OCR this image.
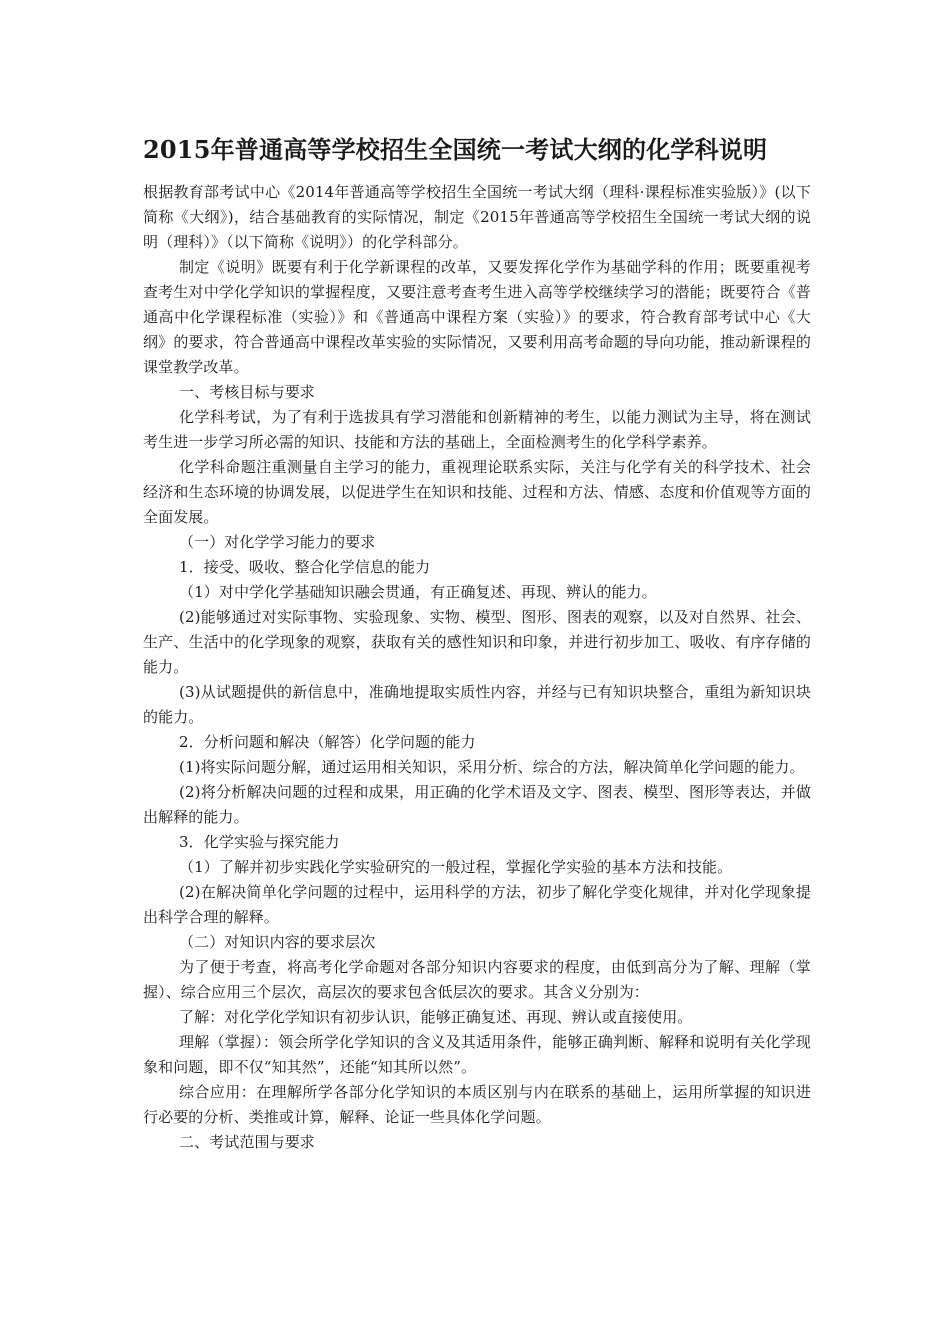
2015年普通高等学校招生全国统一考试大纲的化学科说明

根据教育部考试中心《2014年普通高等学校招生全国统一考试大纲（理科·课程标准实验版）》(以下简称《大纲》)，结合基础教育的实际情况，制定《2015年普通高等学校招生全国统一考试大纲的说明（理科）》（以下简称《说明》）的化学科部分。

制定《说明》既要有利于化学新课程的改革，又要发挥化学作为基础学科的作用；既要重视考查考生对中学化学知识的掌握程度，又要注意考查考生进入高等学校继续学习的潜能；既要符合《普通高中化学课程标准（实验）》和《普通高中课程方案（实验）》的要求，符合教育部考试中心《大纲》的要求，符合普通高中课程改革实验的实际情况，又要利用高考命题的导向功能，推动新课程的课堂教学改革。

一、考核目标与要求

化学科考试，为了有利于选拔具有学习潜能和创新精神的考生，以能力测试为主导，将在测试考生进一步学习所必需的知识、技能和方法的基础上，全面检测考生的化学科学素养。

化学科命题注重测量自主学习的能力，重视理论联系实际，关注与化学有关的科学技术、社会经济和生态环境的协调发展，以促进学生在知识和技能、过程和方法、情感、态度和价值观等方面的全面发展。

（一）对化学学习能力的要求

1．接受、吸收、整合化学信息的能力

（1）对中学化学基础知识融会贯通，有正确复述、再现、辨认的能力。

(2)能够通过对实际事物、实验现象、实物、模型、图形、图表的观察，以及对自然界、社会、生产、生活中的化学现象的观察，获取有关的感性知识和印象，并进行初步加工、吸收、有序存储的能力。

(3)从试题提供的新信息中，准确地提取实质性内容，并经与已有知识块整合，重组为新知识块的能力。

2．分析问题和解决（解答）化学问题的能力

(1)将实际问题分解，通过运用相关知识，采用分析、综合的方法，解决简单化学问题的能力。

(2)将分析解决问题的过程和成果，用正确的化学术语及文字、图表、模型、图形等表达，并做出解释的能力。

3．化学实验与探究能力

（1）了解并初步实践化学实验研究的一般过程，掌握化学实验的基本方法和技能。

(2)在解决简单化学问题的过程中，运用科学的方法，初步了解化学变化规律，并对化学现象提出科学合理的解释。

（二）对知识内容的要求层次

为了便于考查，将高考化学命题对各部分知识内容要求的程度，由低到高分为了解、理解（掌握）、综合应用三个层次，高层次的要求包含低层次的要求。其含义分别为：

了解：对化学化学知识有初步认识，能够正确复述、再现、辨认或直接使用。

理解（掌握）：领会所学化学知识的含义及其适用条件，能够正确判断、解释和说明有关化学现象和问题，即不仅“知其然”，还能“知其所以然”。

综合应用：在理解所学各部分化学知识的本质区别与内在联系的基础上，运用所掌握的知识进行必要的分析、类推或计算，解释、论证一些具体化学问题。

二、考试范围与要求
